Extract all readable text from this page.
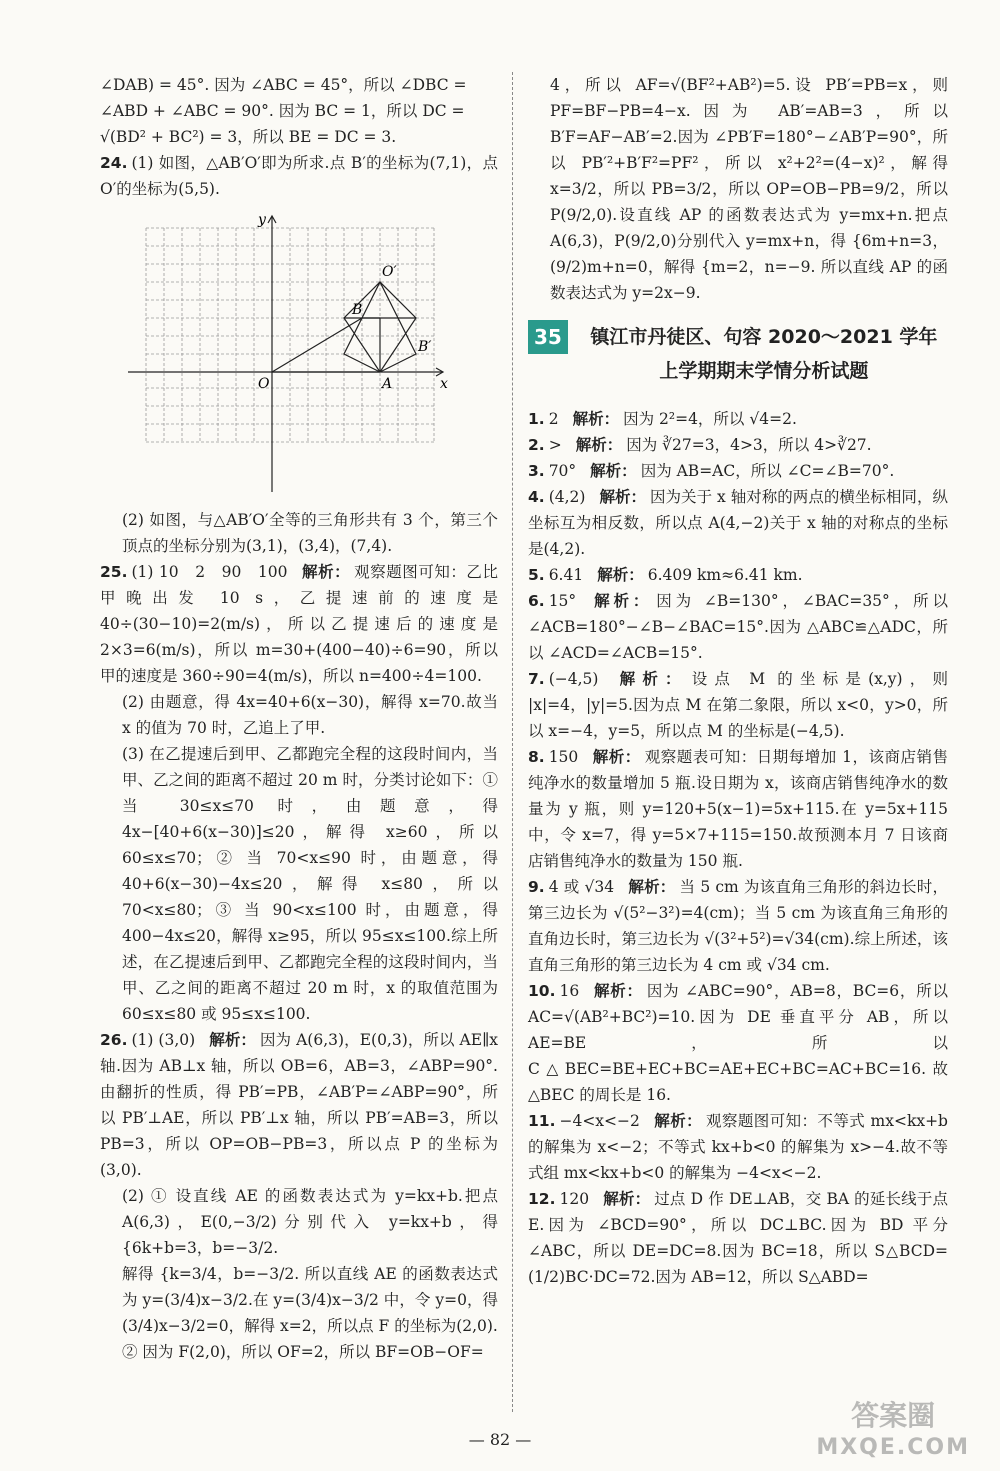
∠DAB) = 45°. 因为 ∠ABC = 45°，所以 ∠DBC =

∠ABD + ∠ABC = 90°. 因为 BC = 1，所以 DC =

√(BD² + BC²) = 3，所以 BE = DC = 3.

24. (1) 如图，△AB′O′即为所求.点 B′的坐标为(7,1)，点 O′的坐标为(5,5).

O	A
B
B′
O′
x
y

(2) 如图，与△AB′O′全等的三角形共有 3 个，第三个顶点的坐标分别为(3,1)，(3,4)，(7,4).

25. (1) 10　2　90　100 解析： 观察题图可知：乙比甲晚出发 10 s，乙提速前的速度是 40÷(30−10)=2(m/s)，所以乙提速后的速度是 2×3=6(m/s)，所以 m=30+(400−40)÷6=90，所以甲的速度是 360÷90=4(m/s)，所以 n=400÷4=100.

(2) 由题意，得 4x=40+6(x−30)，解得 x=70.故当 x 的值为 70 时，乙追上了甲.

(3) 在乙提速后到甲、乙都跑完全程的这段时间内，当甲、乙之间的距离不超过 20 m 时，分类讨论如下：① 当 30≤x≤70 时，由题意，得 4x−[40+6(x−30)]≤20，解得 x≥60，所以 60≤x≤70；② 当 70<x≤90 时，由题意，得 40+6(x−30)−4x≤20，解得 x≤80，所以 70<x≤80；③ 当 90<x≤100 时，由题意，得 400−4x≤20，解得 x≥95，所以 95≤x≤100.综上所述，在乙提速后到甲、乙都跑完全程的这段时间内，当甲、乙之间的距离不超过 20 m 时，x 的取值范围为 60≤x≤80 或 95≤x≤100.

26. (1) (3,0) 解析： 因为 A(6,3)，E(0,3)，所以 AE∥x 轴.因为 AB⊥x 轴，所以 OB=6，AB=3，∠ABP=90°.由翻折的性质，得 PB′=PB，∠AB′P=∠ABP=90°，所以 PB′⊥AE，所以 PB′⊥x 轴，所以 PB′=AB=3，所以 PB=3，所以 OP=OB−PB=3，所以点 P 的坐标为(3,0).

(2) ① 设直线 AE 的函数表达式为 y=kx+b.把点 A(6,3)，E(0,−3/2)分别代入 y=kx+b，得 {6k+b=3，b=−3/2.

解得 {k=3/4，b=−3/2. 所以直线 AE 的函数表达式为 y=(3/4)x−3/2.在 y=(3/4)x−3/2 中，令 y=0，得 (3/4)x−3/2=0，解得 x=2，所以点 F 的坐标为(2,0).

② 因为 F(2,0)，所以 OF=2，所以 BF=OB−OF=

4，所以 AF=√(BF²+AB²)=5.设 PB′=PB=x，则 PF=BF−PB=4−x.因为 AB′=AB=3，所以 B′F=AF−AB′=2.因为 ∠PB′F=180°−∠AB′P=90°，所以 PB′²+B′F²=PF²，所以 x²+2²=(4−x)²，解得 x=3/2，所以 PB=3/2，所以 OP=OB−PB=9/2，所以 P(9/2,0).设直线 AP 的函数表达式为 y=mx+n.把点 A(6,3)，P(9/2,0)分别代入 y=mx+n，得 {6m+n=3，(9/2)m+n=0，解得 {m=2，n=−9. 所以直线 AP 的函数表达式为 y=2x−9.

35	镇江市丹徒区、句容 2020～2021 学年
上学期期末学情分析试题

1. 2 解析： 因为 2²=4，所以 √4=2.

2. > 解析： 因为 ∛27=3，4>3，所以 4>∛27.

3. 70° 解析： 因为 AB=AC，所以 ∠C=∠B=70°.

4. (4,2) 解析： 因为关于 x 轴对称的两点的横坐标相同，纵坐标互为相反数，所以点 A(4,−2)关于 x 轴的对称点的坐标是(4,2).

5. 6.41 解析： 6.409 km≈6.41 km.

6. 15° 解析： 因为 ∠B=130°，∠BAC=35°，所以 ∠ACB=180°−∠B−∠BAC=15°.因为 △ABC≌△ADC，所以 ∠ACD=∠ACB=15°.

7. (−4,5) 解析： 设点 M 的坐标是(x,y)，则 |x|=4，|y|=5.因为点 M 在第二象限，所以 x<0，y>0，所以 x=−4，y=5，所以点 M 的坐标是(−4,5).

8. 150 解析： 观察题表可知：日期每增加 1，该商店销售纯净水的数量增加 5 瓶.设日期为 x，该商店销售纯净水的数量为 y 瓶，则 y=120+5(x−1)=5x+115.在 y=5x+115 中，令 x=7，得 y=5×7+115=150.故预测本月 7 日该商店销售纯净水的数量为 150 瓶.

9. 4 或 √34 解析： 当 5 cm 为该直角三角形的斜边长时，第三边长为 √(5²−3²)=4(cm)；当 5 cm 为该直角三角形的直角边长时，第三边长为 √(3²+5²)=√34(cm).综上所述，该直角三角形的第三边长为 4 cm 或 √34 cm.

10. 16 解析： 因为 ∠ABC=90°，AB=8，BC=6，所以 AC=√(AB²+BC²)=10.因为 DE 垂直平分 AB，所以 AE=BE，所以 C△BEC=BE+EC+BC=AE+EC+BC=AC+BC=16.故 △BEC 的周长是 16.

11. −4<x<−2 解析： 观察题图可知：不等式 mx<kx+b 的解集为 x<−2；不等式 kx+b<0 的解集为 x>−4.故不等式组 mx<kx+b<0 的解集为 −4<x<−2.

12. 120 解析： 过点 D 作 DE⊥AB，交 BA 的延长线于点 E.因为 ∠BCD=90°，所以 DC⊥BC.因为 BD 平分 ∠ABC，所以 DE=DC=8.因为 BC=18，所以 S△BCD=(1/2)BC·DC=72.因为 AB=12，所以 S△ABD=

— 82 —
答案圈
MXQE.COM
